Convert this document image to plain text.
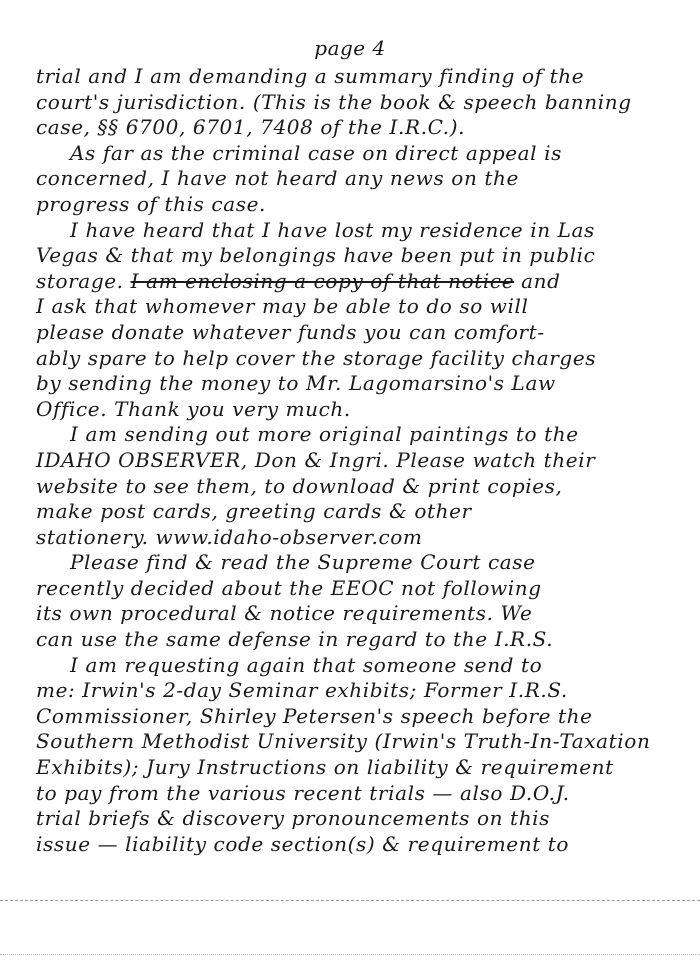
page 4
trial and I am demanding a summary finding of the
court's jurisdiction. (This is the book & speech banning
case, §§ 6700, 6701, 7408 of the I.R.C.).
As far as the criminal case on direct appeal is
concerned, I have not heard any news on the
progress of this case.
I have heard that I have lost my residence in Las
Vegas & that my belongings have been put in public
storage. I am enclosing a copy of that notice and
I ask that whomever may be able to do so will
please donate whatever funds you can comfort-
ably spare to help cover the storage facility charges
by sending the money to Mr. Lagomarsino's Law
Office. Thank you very much.
I am sending out more original paintings to the
IDAHO OBSERVER, Don & Ingri. Please watch their
website to see them, to download & print copies,
make post cards, greeting cards & other
stationery. www.idaho-observer.com
Please find & read the Supreme Court case
recently decided about the EEOC not following
its own procedural & notice requirements. We
can use the same defense in regard to the I.R.S.
I am requesting again that someone send to
me: Irwin's 2-day Seminar exhibits; Former I.R.S.
Commissioner, Shirley Petersen's speech before the
Southern Methodist University (Irwin's Truth-In-Taxation
Exhibits); Jury Instructions on liability & requirement
to pay from the various recent trials — also D.O.J.
trial briefs & discovery pronouncements on this
issue — liability code section(s) & requirement to
